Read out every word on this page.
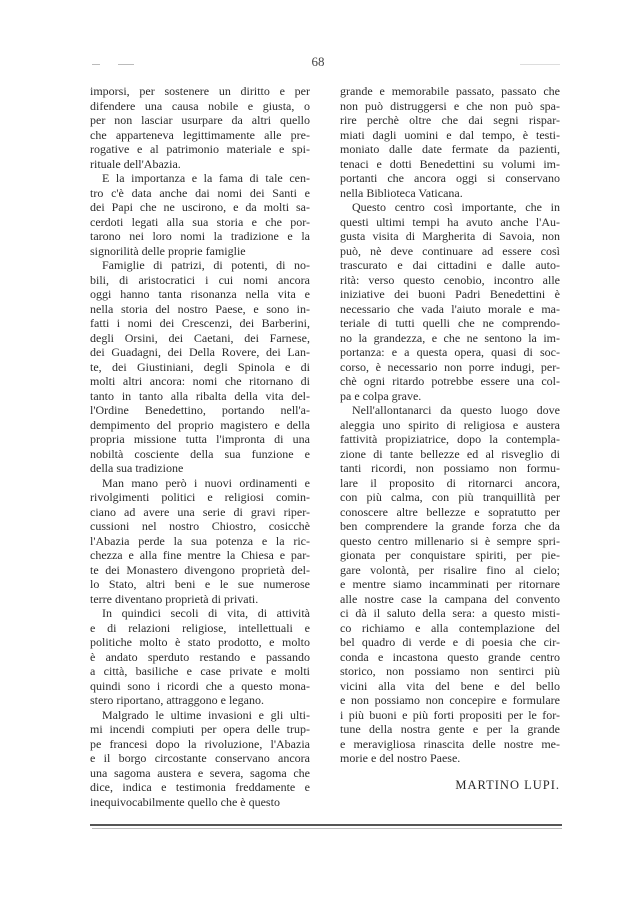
68
imporsi, per sostenere un diritto e per
difendere una causa nobile e giusta, o
per non lasciar usurpare da altri quello
che apparteneva legittimamente alle pre-
rogative e al patrimonio materiale e spi-
rituale dell'Abazia.
E la importanza e la fama di tale cen-
tro c'è data anche dai nomi dei Santi e
dei Papi che ne uscirono, e da molti sa-
cerdoti legati alla sua storia e che por-
tarono nei loro nomi la tradizione e la
signorilità delle proprie famiglie
Famiglie di patrizi, di potenti, di no-
bili, di aristocratici i cui nomi ancora
oggi hanno tanta risonanza nella vita e
nella storia del nostro Paese, e sono in-
fatti i nomi dei Crescenzi, dei Barberini,
degli Orsini, dei Caetani, dei Farnese,
dei Guadagni, dei Della Rovere, dei Lan-
te, dei Giustiniani, degli Spinola e di
molti altri ancora: nomi che ritornano di
tanto in tanto alla ribalta della vita del-
l'Ordine Benedettino, portando nell'a-
dempimento del proprio magistero e della
propria missione tutta l'impronta di una
nobiltà cosciente della sua funzione e
della sua tradizione
Man mano però i nuovi ordinamenti e
rivolgimenti politici e religiosi comin-
ciano ad avere una serie di gravi riper-
cussioni nel nostro Chiostro, cosicchè
l'Abazia perde la sua potenza e la ric-
chezza e alla fine mentre la Chiesa e par-
te dei Monastero divengono proprietà del-
lo Stato, altri beni e le sue numerose
terre diventano proprietà di privati.
In quindici secoli di vita, di attività
e di relazioni religiose, intellettuali e
politiche molto è stato prodotto, e molto
è andato sperduto restando e passando
a città, basiliche e case private e molti
quindi sono i ricordi che a questo mona-
stero riportano, attraggono e legano.
Malgrado le ultime invasioni e gli ulti-
mi incendi compiuti per opera delle trup-
pe francesi dopo la rivoluzione, l'Abazia
e il borgo circostante conservano ancora
una sagoma austera e severa, sagoma che
dice, indica e testimonia freddamente e
inequivocabilmente quello che è questo
grande e memorabile passato, passato che
non può distruggersi e che non può spa-
rire perchè oltre che dai segni rispar-
miati dagli uomini e dal tempo, è testi-
moniato dalle date fermate da pazienti,
tenaci e dotti Benedettini su volumi im-
portanti che ancora oggi si conservano
nella Biblioteca Vaticana.
Questo centro così importante, che in
questi ultimi tempi ha avuto anche l'Au-
gusta visita di Margherita di Savoia, non
può, nè deve continuare ad essere così
trascurato e dai cittadini e dalle auto-
rità: verso questo cenobio, incontro alle
iniziative dei buoni Padri Benedettini è
necessario che vada l'aiuto morale e ma-
teriale di tutti quelli che ne comprendo-
no la grandezza, e che ne sentono la im-
portanza: e a questa opera, quasi di soc-
corso, è necessario non porre indugi, per-
chè ogni ritardo potrebbe essere una col-
pa e colpa grave.
Nell'allontanarci da questo luogo dove
aleggia uno spirito di religiosa e austera
fattività propiziatrice, dopo la contempla-
zione di tante bellezze ed al risveglio di
tanti ricordi, non possiamo non formu-
lare il proposito di ritornarci ancora,
con più calma, con più tranquillità per
conoscere altre bellezze e sopratutto per
ben comprendere la grande forza che da
questo centro millenario si è sempre spri-
gionata per conquistare spiriti, per pie-
gare volontà, per risalire fino al cielo;
e mentre siamo incamminati per ritornare
alle nostre case la campana del convento
ci dà il saluto della sera: a questo misti-
co richiamo e alla contemplazione del
bel quadro di verde e di poesia che cir-
conda e incastona questo grande centro
storico, non possiamo non sentirci più
vicini alla vita del bene e del bello
e non possiamo non concepire e formulare
i più buoni e più forti propositi per le for-
tune della nostra gente e per la grande
e meravigliosa rinascita delle nostre me-
morie e del nostro Paese.
MARTINO LUPI.
